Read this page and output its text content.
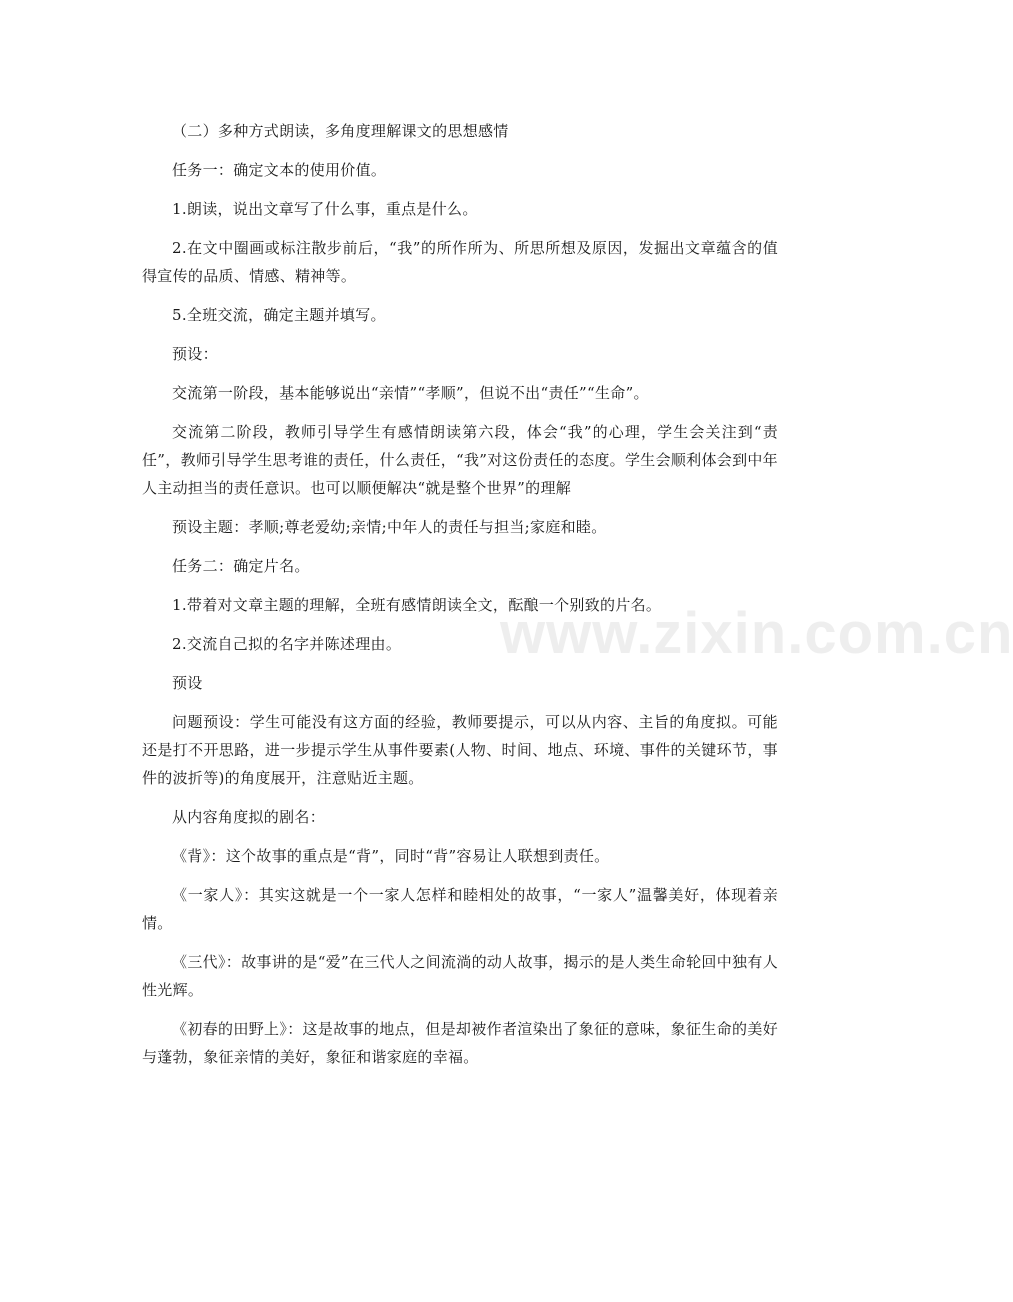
www.zixin.com.cn

（二）多种方式朗读，多角度理解课文的思想感情

任务一：确定文本的使用价值。

1.朗读，说出文章写了什么事，重点是什么。

2.在文中圈画或标注散步前后，“我”的所作所为、所思所想及原因，发掘出文章蕴含的值得宣传的品质、情感、精神等。

5.全班交流，确定主题并填写。

预设：

交流第一阶段，基本能够说出“亲情”“孝顺”，但说不出“责任”“生命”。

交流第二阶段，教师引导学生有感情朗读第六段，体会“我”的心理，学生会关注到“责任”，教师引导学生思考谁的责任，什么责任，“我”对这份责任的态度。学生会顺利体会到中年人主动担当的责任意识。也可以顺便解决“就是整个世界”的理解

预设主题：孝顺;尊老爱幼;亲情;中年人的责任与担当;家庭和睦。

任务二：确定片名。

1.带着对文章主题的理解，全班有感情朗读全文，酝酿一个别致的片名。

2.交流自己拟的名字并陈述理由。

预设

问题预设：学生可能没有这方面的经验，教师要提示，可以从内容、主旨的角度拟。可能还是打不开思路，进一步提示学生从事件要素(人物、时间、地点、环境、事件的关键环节，事件的波折等)的角度展开，注意贴近主题。

从内容角度拟的剧名：

《背》：这个故事的重点是“背”，同时“背”容易让人联想到责任。

《一家人》：其实这就是一个一家人怎样和睦相处的故事，“一家人”温馨美好，体现着亲情。

《三代》：故事讲的是“爱”在三代人之间流淌的动人故事，揭示的是人类生命轮回中独有人性光辉。

《初春的田野上》：这是故事的地点，但是却被作者渲染出了象征的意味，象征生命的美好与蓬勃，象征亲情的美好，象征和谐家庭的幸福。
